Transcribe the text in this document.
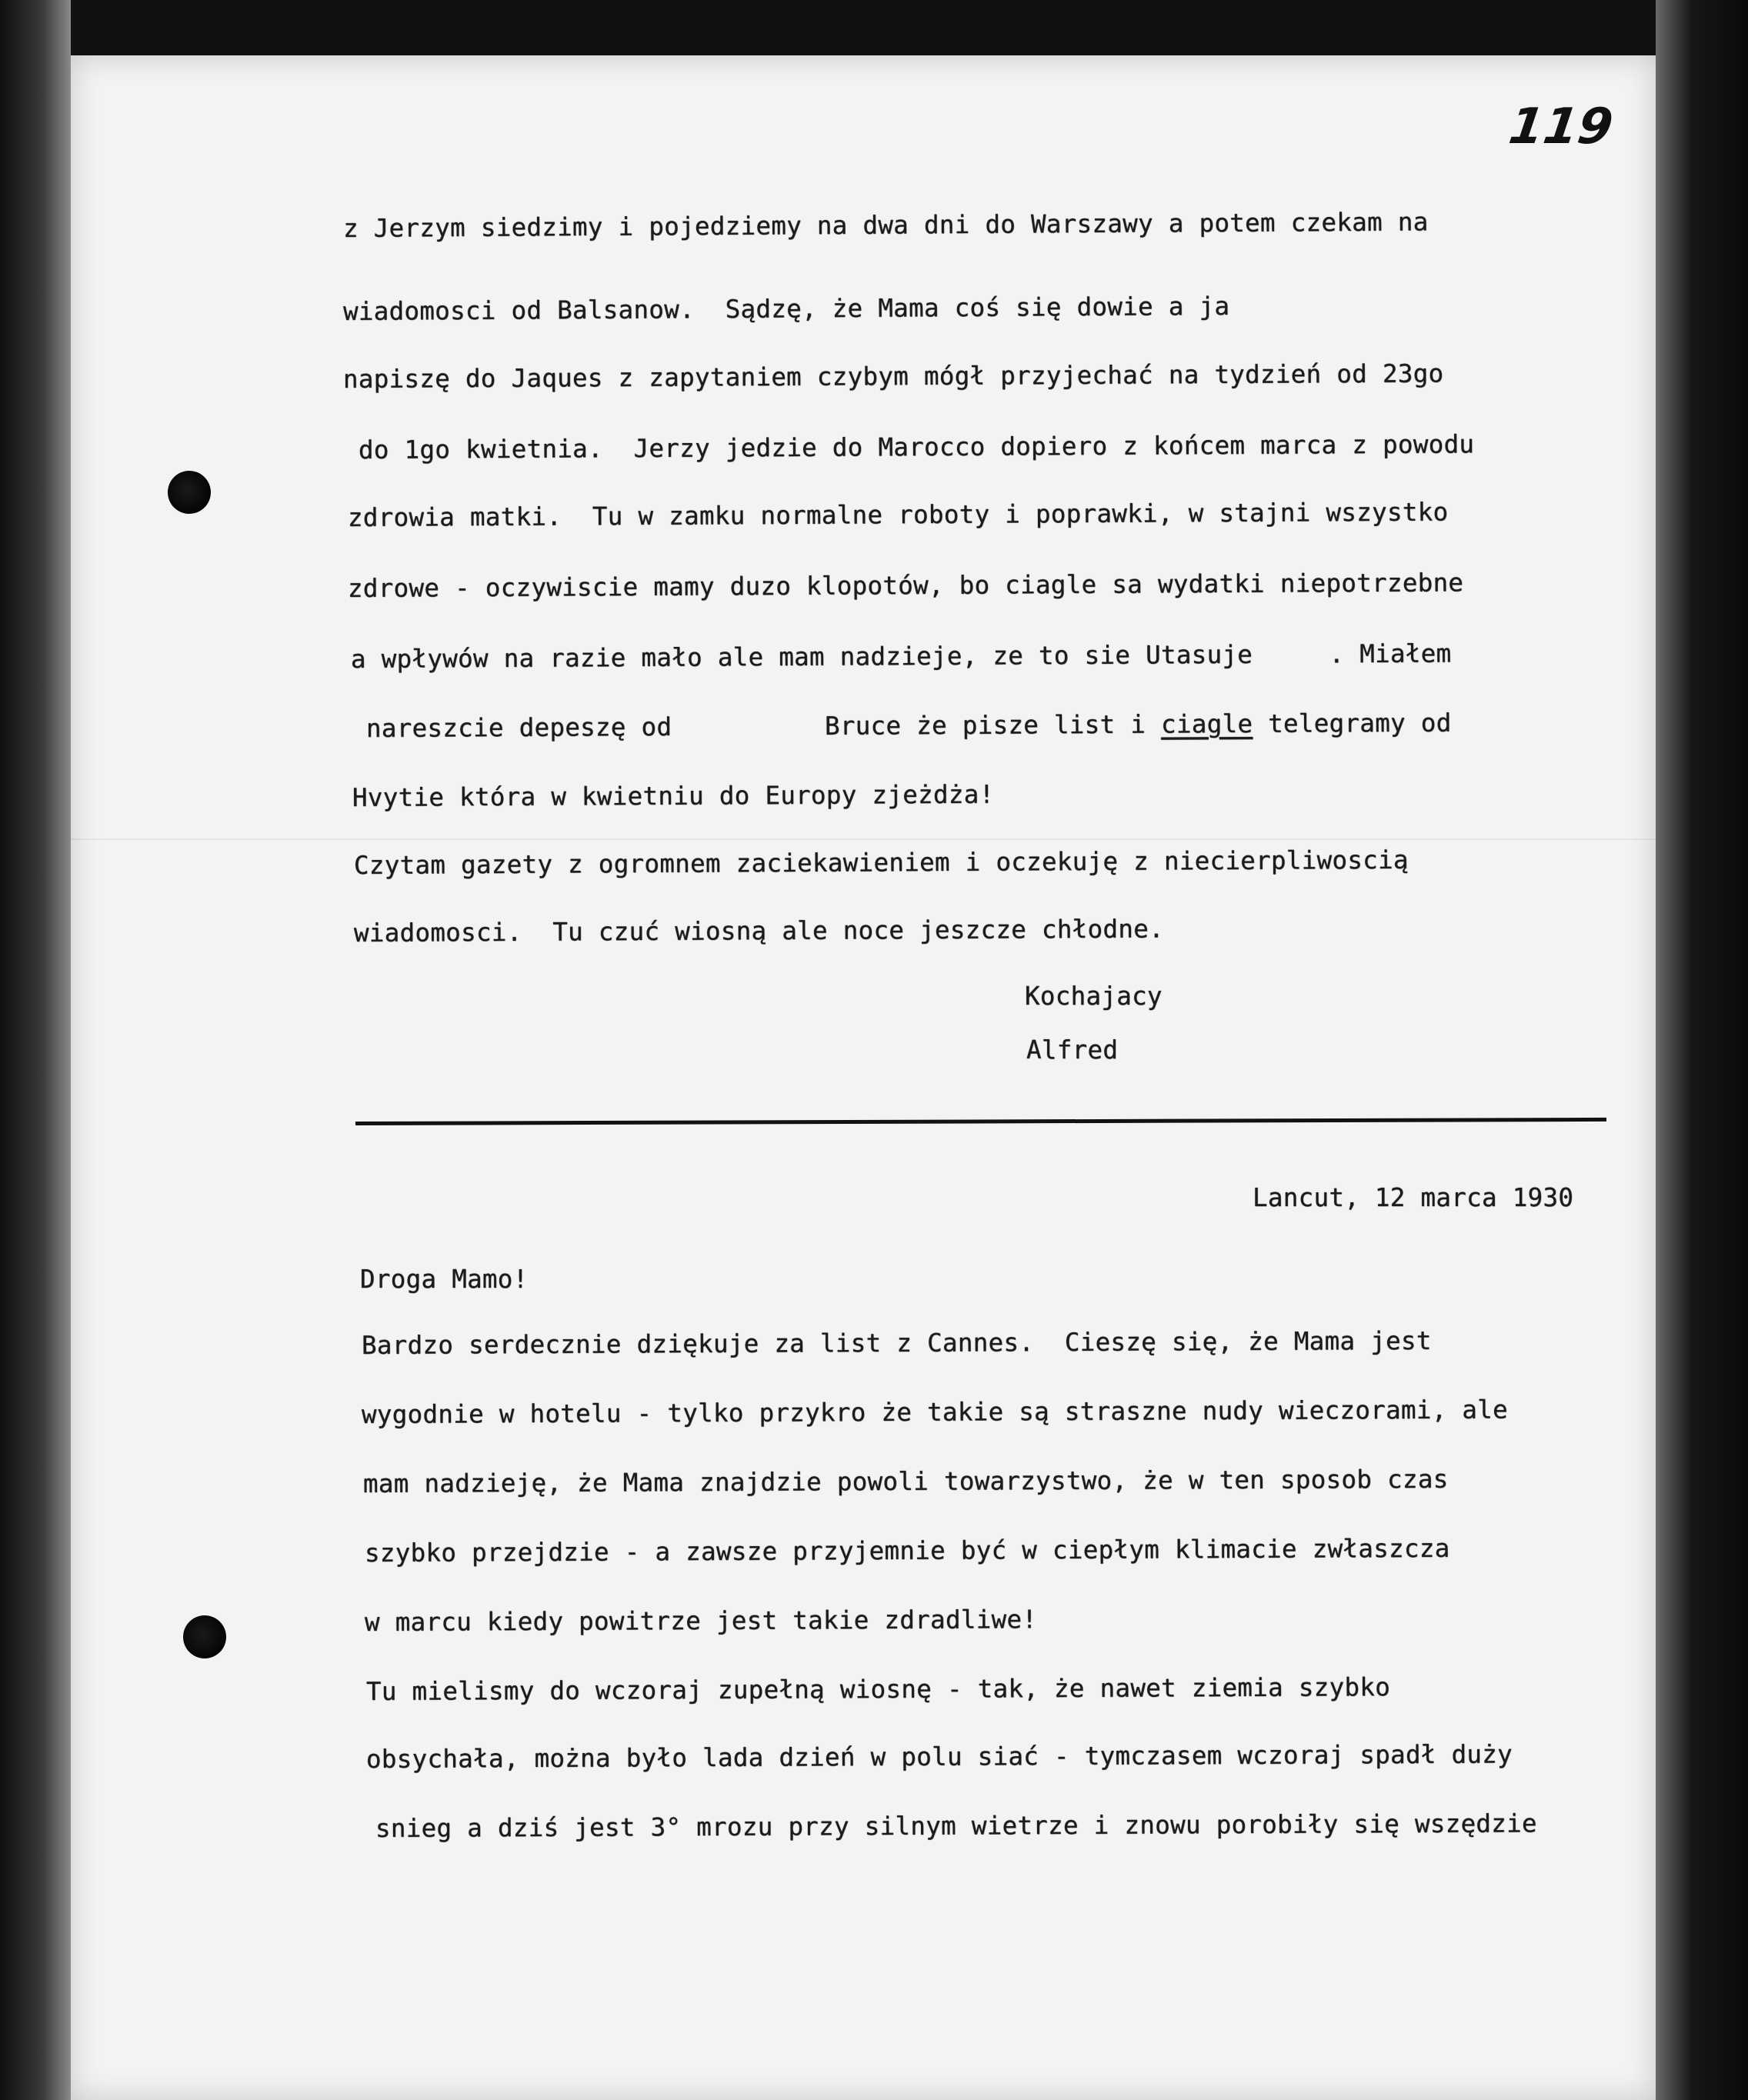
119
z Jerzym siedzimy i pojedziemy na dwa dni do Warszawy a potem czekam na
wiadomosci od Balsanow.  Sądzę, że Mama coś się dowie a ja
napiszę do Jaques z zapytaniem czybym mógł przyjechać na tydzień od 23go
do 1go kwietnia.  Jerzy jedzie do Marocco dopiero z końcem marca z powodu
zdrowia matki.  Tu w zamku normalne roboty i poprawki, w stajni wszystko
zdrowe - oczywiscie mamy duzo klopotów, bo ciagle sa wydatki niepotrzebne
a wpływów na razie mało ale mam nadzieje, ze to sie Utasuje     . Miałem
nareszcie depeszę od          Bruce że pisze list i ciagle telegramy od
Hvytie która w kwietniu do Europy zjeżdża!
Czytam gazety z ogromnem zaciekawieniem i oczekuję z niecierpliwoscią
wiadomosci.  Tu czuć wiosną ale noce jeszcze chłodne.
Kochajacy
Alfred
Lancut, 12 marca 1930
Droga Mamo!
Bardzo serdecznie dziękuje za list z Cannes.  Cieszę się, że Mama jest
wygodnie w hotelu - tylko przykro że takie są straszne nudy wieczorami, ale
mam nadzieję, że Mama znajdzie powoli towarzystwo, że w ten sposob czas
szybko przejdzie - a zawsze przyjemnie być w ciepłym klimacie zwłaszcza
w marcu kiedy powitrze jest takie zdradliwe!
Tu mielismy do wczoraj zupełną wiosnę - tak, że nawet ziemia szybko
obsychała, można było lada dzień w polu siać - tymczasem wczoraj spadł duży
snieg a dziś jest 3° mrozu przy silnym wietrze i znowu porobiły się wszędzie
